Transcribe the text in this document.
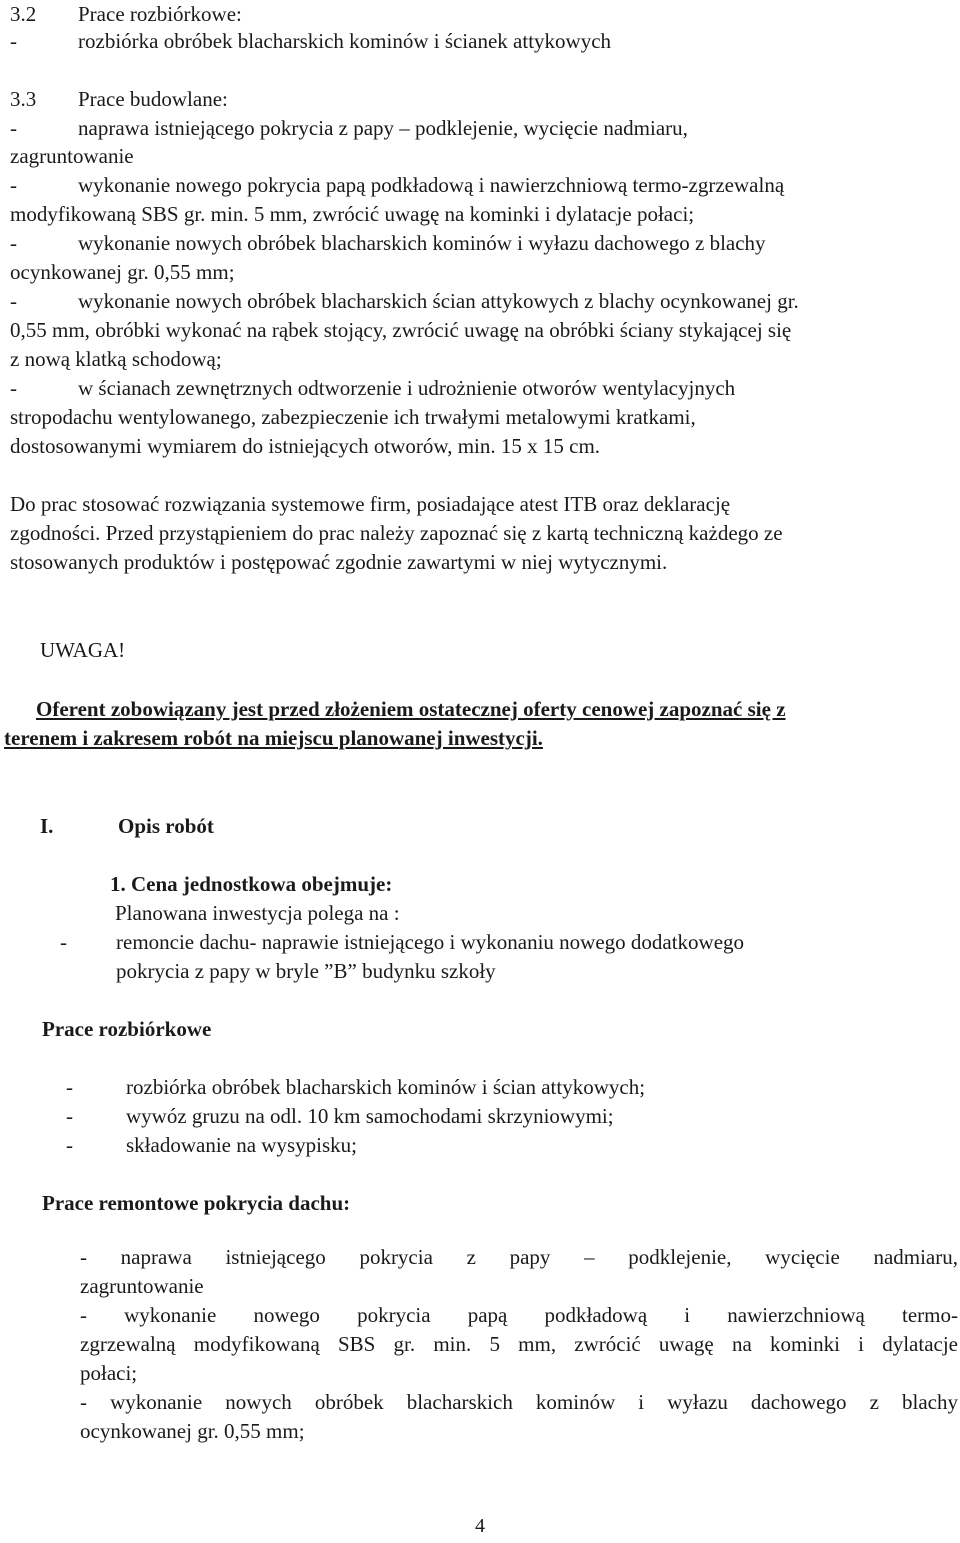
3.2 Prace rozbiórkowe:
-	rozbiórka obróbek blacharskich kominów i ścianek attykowych
3.3 Prace budowlane:
-	naprawa istniejącego pokrycia z papy – podklejenie, wycięcie nadmiaru,
zagruntowanie
-	wykonanie nowego pokrycia papą podkładową i nawierzchniową termo-zgrzewalną
modyfikowaną SBS gr. min. 5 mm, zwrócić uwagę na kominki i dylatacje połaci;
-	wykonanie nowych obróbek blacharskich kominów i wyłazu dachowego z blachy
ocynkowanej gr. 0,55 mm;
-	wykonanie nowych obróbek blacharskich ścian attykowych z blachy ocynkowanej gr.
0,55 mm, obróbki wykonać na rąbek stojący, zwrócić uwagę na obróbki ściany stykającej się
z nową klatką schodową;
-	w ścianach zewnętrznych odtworzenie i udrożnienie otworów wentylacyjnych
stropodachu wentylowanego, zabezpieczenie ich trwałymi metalowymi kratkami,
dostosowanymi wymiarem do istniejących otworów, min. 15 x 15 cm.
Do prac stosować rozwiązania systemowe firm, posiadające atest ITB oraz deklarację
zgodności. Przed przystąpieniem do prac należy zapoznać się z kartą techniczną każdego ze
stosowanych produktów i postępować zgodnie zawartymi w niej wytycznymi.
UWAGA!
Oferent zobowiązany jest przed złożeniem ostatecznej oferty cenowej zapoznać się z
terenem i zakresem robót na miejscu planowanej inwestycji.
I.	Opis robót
1. Cena jednostkowa obejmuje:
Planowana inwestycja polega na :
- remoncie dachu- naprawie istniejącego i wykonaniu nowego dodatkowego
pokrycia z papy w bryle ”B” budynku szkoły
Prace rozbiórkowe
-	rozbiórka obróbek blacharskich kominów i ścian attykowych;
-	wywóz gruzu na odl. 10 km samochodami skrzyniowymi;
-	składowanie na wysypisku;
Prace remontowe pokrycia dachu:
- naprawa istniejącego pokrycia z papy – podklejenie, wycięcie nadmiaru,
zagruntowanie
- wykonanie nowego pokrycia papą podkładową i nawierzchniową termo-
zgrzewalną modyfikowaną SBS gr. min. 5 mm, zwrócić uwagę na kominki i dylatacje
połaci;
- wykonanie nowych obróbek blacharskich kominów i wyłazu dachowego z blachy
ocynkowanej gr. 0,55 mm;
4
